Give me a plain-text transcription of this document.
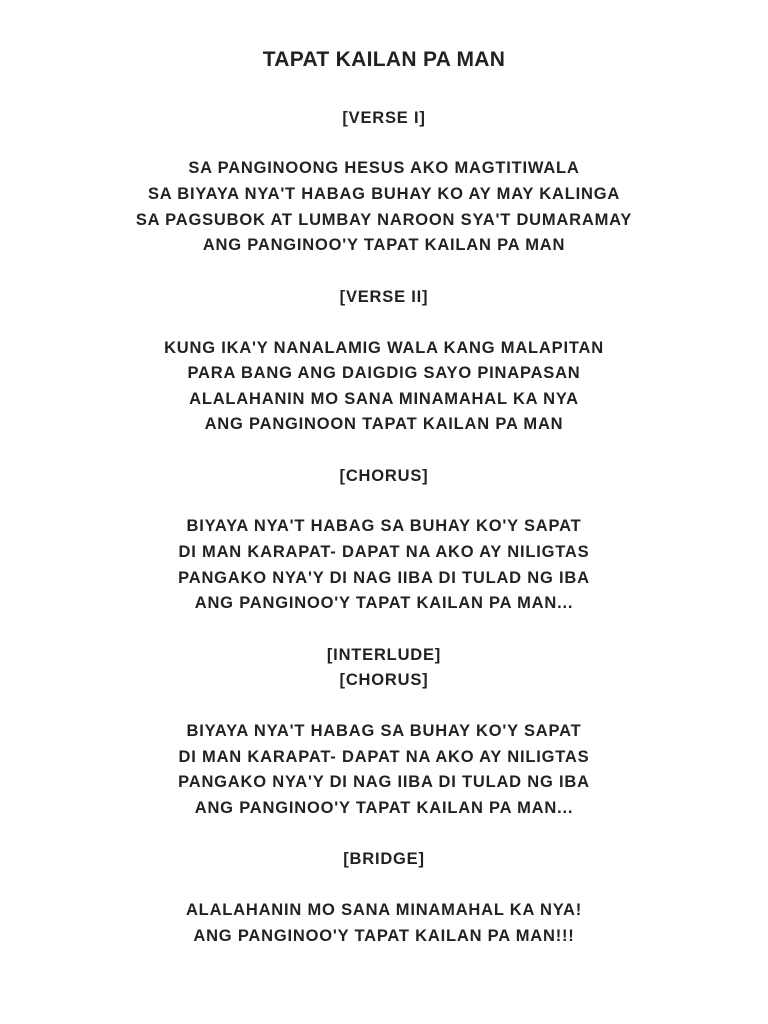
TAPAT KAILAN PA MAN
[VERSE I]
SA PANGINOONG HESUS AKO MAGTITIWALA
SA BIYAYA NYA'T HABAG BUHAY KO AY MAY KALINGA
SA PAGSUBOK AT LUMBAY NAROON SYA'T DUMARAMAY
ANG PANGINOO'Y TAPAT KAILAN PA MAN
[VERSE II]
KUNG IKA'Y NANALAMIG WALA KANG MALAPITAN
PARA BANG ANG DAIGDIG SAYO PINAPASAN
ALALAHANIN MO SANA MINAMAHAL KA NYA
ANG PANGINOON TAPAT KAILAN PA MAN
[CHORUS]
BIYAYA NYA'T HABAG SA BUHAY KO'Y SAPAT
DI MAN KARAPAT- DAPAT NA AKO AY NILIGTAS
PANGAKO NYA'Y DI NAG IIBA DI TULAD NG IBA
ANG PANGINOO'Y TAPAT KAILAN PA MAN...
[INTERLUDE]
[CHORUS]
BIYAYA NYA'T HABAG SA BUHAY KO'Y SAPAT
DI MAN KARAPAT- DAPAT NA AKO AY NILIGTAS
PANGAKO NYA'Y DI NAG IIBA DI TULAD NG IBA
ANG PANGINOO'Y TAPAT KAILAN PA MAN...
[BRIDGE]
ALALAHANIN MO SANA MINAMAHAL KA NYA!
ANG PANGINOO'Y TAPAT KAILAN PA MAN!!!
